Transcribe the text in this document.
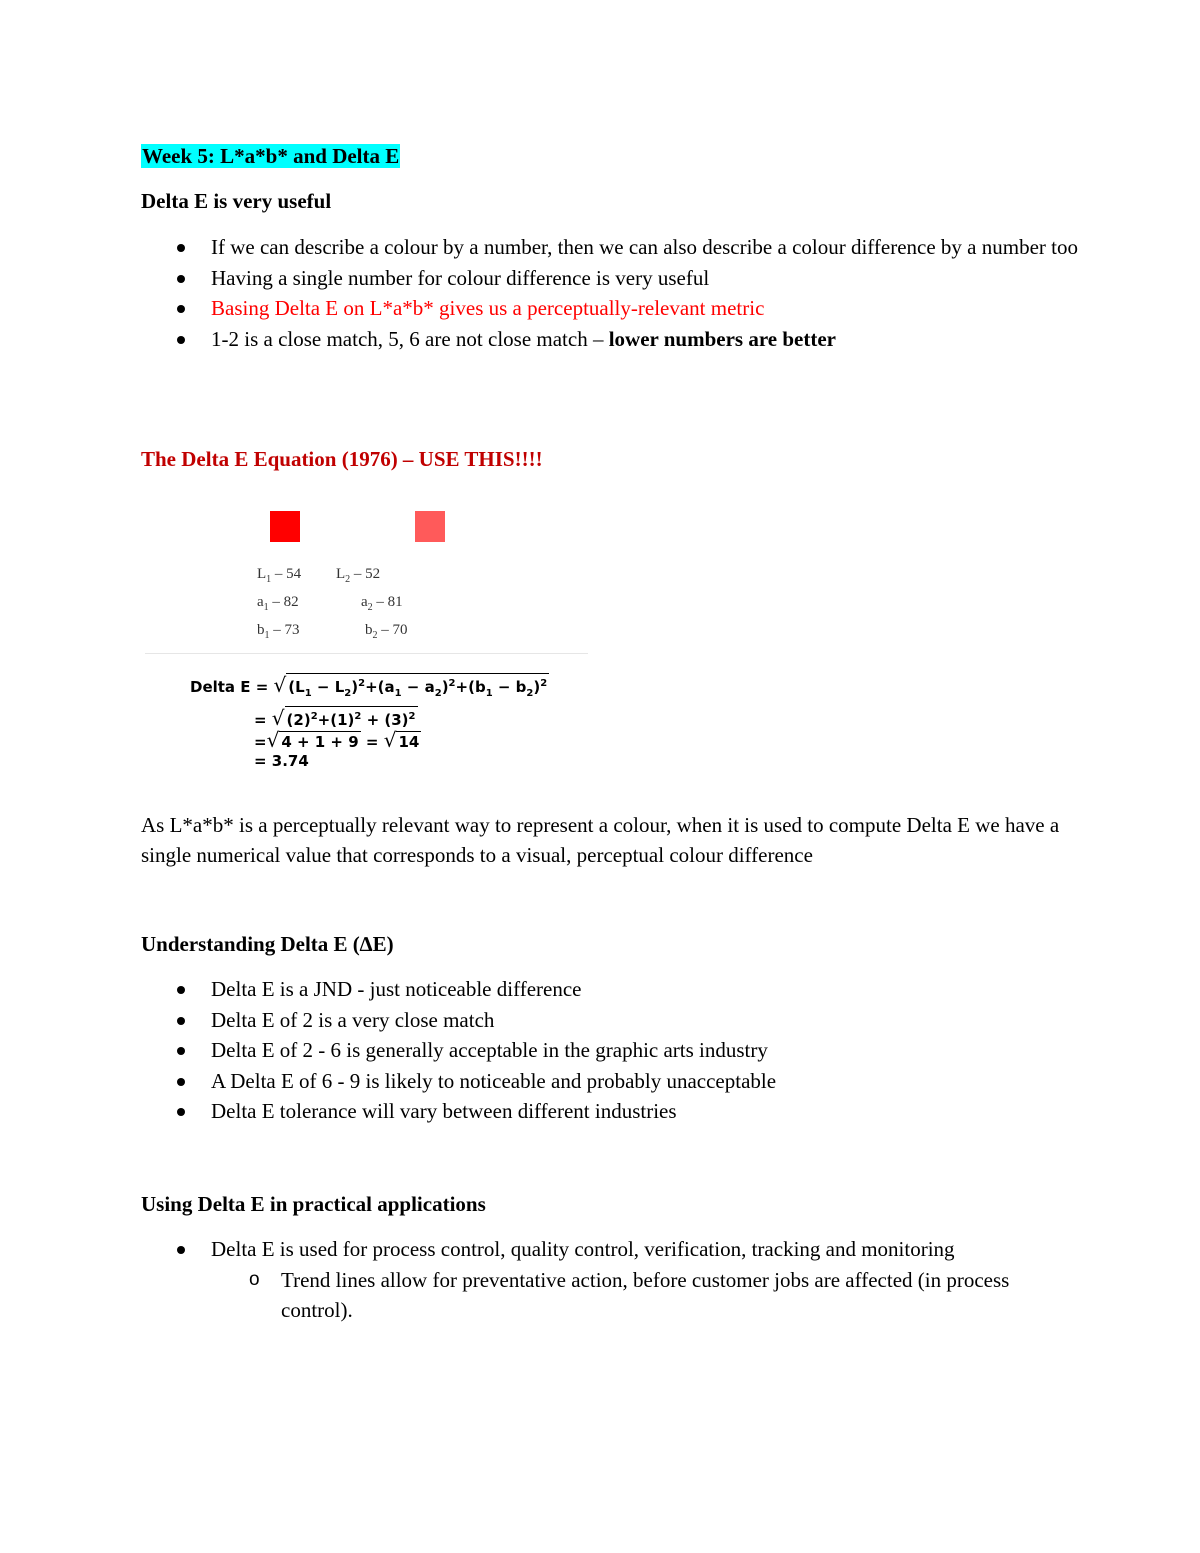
Week 5: L*a*b* and Delta E
Delta E is very useful
If we can describe a colour by a number, then we can also describe a colour difference by a number too
Having a single number for colour difference is very useful
Basing Delta E on L*a*b* gives us a perceptually-relevant metric
1-2 is a close match, 5, 6 are not close match – lower numbers are better
The Delta E Equation (1976) – USE THIS!!!!
$L_1 - 54$
$a_1 - 82$
$b_1 - 73$
$L_2 - 52$
$a_2 - 81$
$b_2 - 70$
Delta E = √ $(L_1 - L_2)^2+(a_1 - a_2)^2+(b_1 - b_2)^2$
= √ $(2)^2+(1)^2 + (3)^2$
=√ 4 + 1 + 9 = √ 14
= 3.74
As L*a*b* is a perceptually relevant way to represent a colour, when it is used to compute Delta E we have a single numerical value that corresponds to a visual, perceptual colour difference
Understanding Delta E (∆E)
Delta E is a JND - just noticeable difference
Delta E of 2 is a very close match
Delta E of 2 - 6 is generally acceptable in the graphic arts industry
A Delta E of 6 - 9 is likely to noticeable and probably unacceptable
Delta E tolerance will vary between different industries
Using Delta E in practical applications
Delta E is used for process control, quality control, verification, tracking and monitoring
o Trend lines allow for preventative action, before customer jobs are affected (in process control).
